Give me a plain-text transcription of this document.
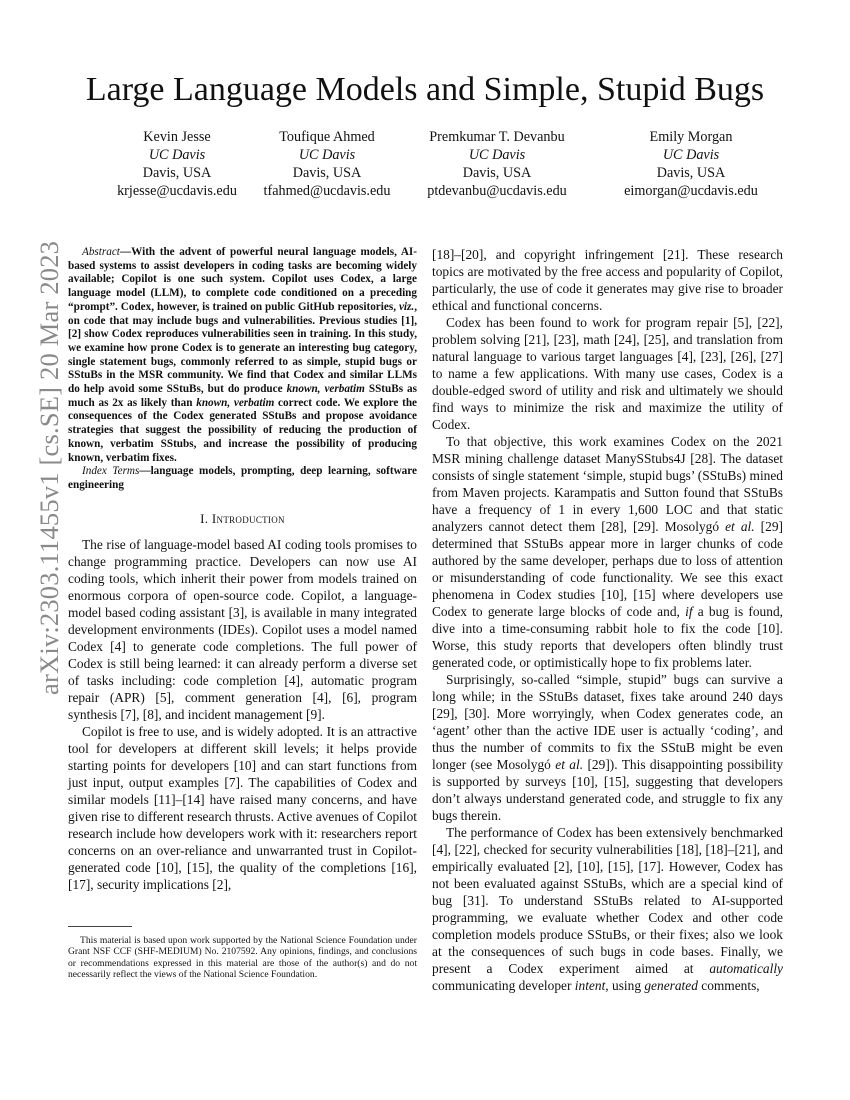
arXiv:2303.11455v1 [cs.SE] 20 Mar 2023
Large Language Models and Simple, Stupid Bugs
Kevin Jesse
UC Davis
Davis, USA
krjesse@ucdavis.edu
Toufique Ahmed
UC Davis
Davis, USA
tfahmed@ucdavis.edu
Premkumar T. Devanbu
UC Davis
Davis, USA
ptdevanbu@ucdavis.edu
Emily Morgan
UC Davis
Davis, USA
eimorgan@ucdavis.edu

Abstract—With the advent of powerful neural language models, AI-based systems to assist developers in coding tasks are becoming widely available; Copilot is one such system. Copilot uses Codex, a large language model (LLM), to complete code conditioned on a preceding “prompt”. Codex, however, is trained on public GitHub repositories, viz., on code that may include bugs and vulnerabilities. Previous studies [1], [2] show Codex reproduces vulnerabilities seen in training. In this study, we examine how prone Codex is to generate an interesting bug category, single statement bugs, commonly referred to as simple, stupid bugs or SStuBs in the MSR community. We find that Codex and similar LLMs do help avoid some SStuBs, but do produce known, verbatim SStuBs as much as 2x as likely than known, verbatim correct code. We explore the consequences of the Codex generated SStuBs and propose avoidance strategies that suggest the possibility of reducing the production of known, verbatim SStubs, and increase the possibility of producing known, verbatim fixes.

Index Terms—language models, prompting, deep learning, software engineering

I. Introduction

The rise of language-model based AI coding tools promises to change programming practice. Developers can now use AI coding tools, which inherit their power from models trained on enormous corpora of open-source code. Copilot, a language-model based coding assistant [3], is available in many integrated development environments (IDEs). Copilot uses a model named Codex [4] to generate code completions. The full power of Codex is still being learned: it can already perform a diverse set of tasks including: code completion [4], automatic program repair (APR) [5], comment generation [4], [6], program synthesis [7], [8], and incident management [9].

Copilot is free to use, and is widely adopted. It is an attractive tool for developers at different skill levels; it helps provide starting points for developers [10] and can start functions from just input, output examples [7]. The capabilities of Codex and similar models [11]–[14] have raised many concerns, and have given rise to different research thrusts. Active avenues of Copilot research include how developers work with it: researchers report concerns on an over-reliance and unwarranted trust in Copilot-generated code [10], [15], the quality of the completions [16], [17], security implications [2],

This material is based upon work supported by the National Science Foundation under Grant NSF CCF (SHF-MEDIUM) No. 2107592. Any opinions, findings, and conclusions or recommendations expressed in this material are those of the author(s) and do not necessarily reflect the views of the National Science Foundation.

[18]–[20], and copyright infringement [21]. These research topics are motivated by the free access and popularity of Copilot, particularly, the use of code it generates may give rise to broader ethical and functional concerns.

Codex has been found to work for program repair [5], [22], problem solving [21], [23], math [24], [25], and translation from natural language to various target languages [4], [23], [26], [27] to name a few applications. With many use cases, Codex is a double-edged sword of utility and risk and ultimately we should find ways to minimize the risk and maximize the utility of Codex.

To that objective, this work examines Codex on the 2021 MSR mining challenge dataset ManySStubs4J [28]. The dataset consists of single statement ‘simple, stupid bugs’ (SStuBs) mined from Maven projects. Karampatis and Sutton found that SStuBs have a frequency of 1 in every 1,600 LOC and that static analyzers cannot detect them [28], [29]. Mosolygó et al. [29] determined that SStuBs appear more in larger chunks of code authored by the same developer, perhaps due to loss of attention or misunderstanding of code functionality. We see this exact phenomena in Codex studies [10], [15] where developers use Codex to generate large blocks of code and, if a bug is found, dive into a time-consuming rabbit hole to fix the code [10]. Worse, this study reports that developers often blindly trust generated code, or optimistically hope to fix problems later.

Surprisingly, so-called “simple, stupid” bugs can survive a long while; in the SStuBs dataset, fixes take around 240 days [29], [30]. More worryingly, when Codex generates code, an ‘agent’ other than the active IDE user is actually ‘coding’, and thus the number of commits to fix the SStuB might be even longer (see Mosolygó et al. [29]). This disappointing possibility is supported by surveys [10], [15], suggesting that developers don’t always understand generated code, and struggle to fix any bugs therein.

The performance of Codex has been extensively benchmarked [4], [22], checked for security vulnerabilities [18], [18]–[21], and empirically evaluated [2], [10], [15], [17]. However, Codex has not been evaluated against SStuBs, which are a special kind of bug [31]. To understand SStuBs related to AI-supported programming, we evaluate whether Codex and other code completion models produce SStuBs, or their fixes; also we look at the consequences of such bugs in code bases. Finally, we present a Codex experiment aimed at automatically communicating developer intent, using generated comments,
